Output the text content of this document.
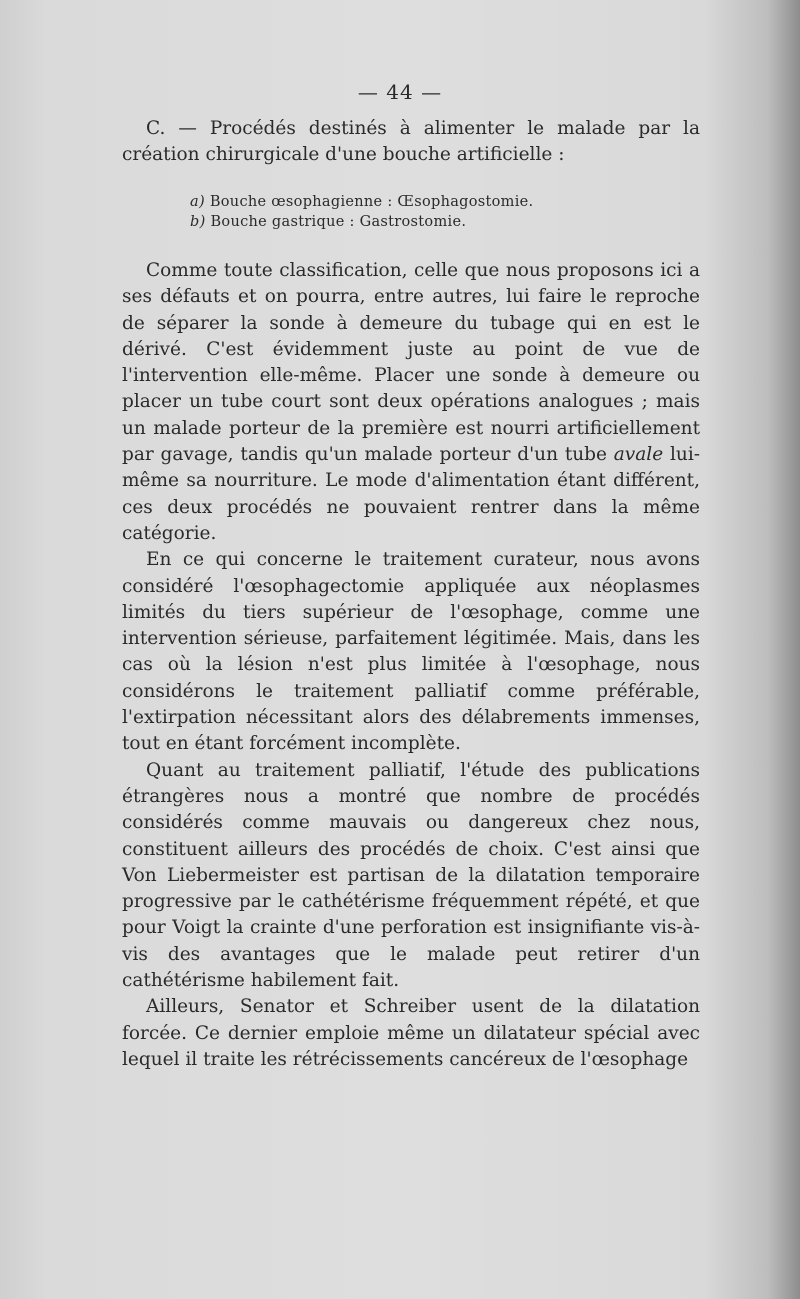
— 44 —

C. — Procédés destinés à alimenter le malade par la création chirurgicale d'une bouche artificielle :

a) Bouche œsophagienne : Œsophagostomie.
b) Bouche gastrique : Gastrostomie.

Comme toute classification, celle que nous proposons ici a ses défauts et on pourra, entre autres, lui faire le reproche de séparer la sonde à demeure du tubage qui en est le dérivé. C'est évidemment juste au point de vue de l'intervention elle-même. Placer une sonde à demeure ou placer un tube court sont deux opérations analogues ; mais un malade porteur de la première est nourri artificiellement par gavage, tandis qu'un malade porteur d'un tube avale lui-même sa nourriture. Le mode d'alimentation étant différent, ces deux procédés ne pouvaient rentrer dans la même catégorie.

En ce qui concerne le traitement curateur, nous avons considéré l'œsophagectomie appliquée aux néoplasmes limités du tiers supérieur de l'œsophage, comme une intervention sérieuse, parfaitement légitimée. Mais, dans les cas où la lésion n'est plus limitée à l'œsophage, nous considérons le traitement palliatif comme préférable, l'extirpation nécessitant alors des délabrements immenses, tout en étant forcément incomplète.

Quant au traitement palliatif, l'étude des publications étrangères nous a montré que nombre de procédés considérés comme mauvais ou dangereux chez nous, constituent ailleurs des procédés de choix. C'est ainsi que Von Liebermeister est partisan de la dilatation temporaire progressive par le cathétérisme fréquemment répété, et que pour Voigt la crainte d'une perforation est insignifiante vis-à-vis des avantages que le malade peut retirer d'un cathétérisme habilement fait.

Ailleurs, Senator et Schreiber usent de la dilatation forcée. Ce dernier emploie même un dilatateur spécial avec lequel il traite les rétrécissements cancéreux de l'œsophage
